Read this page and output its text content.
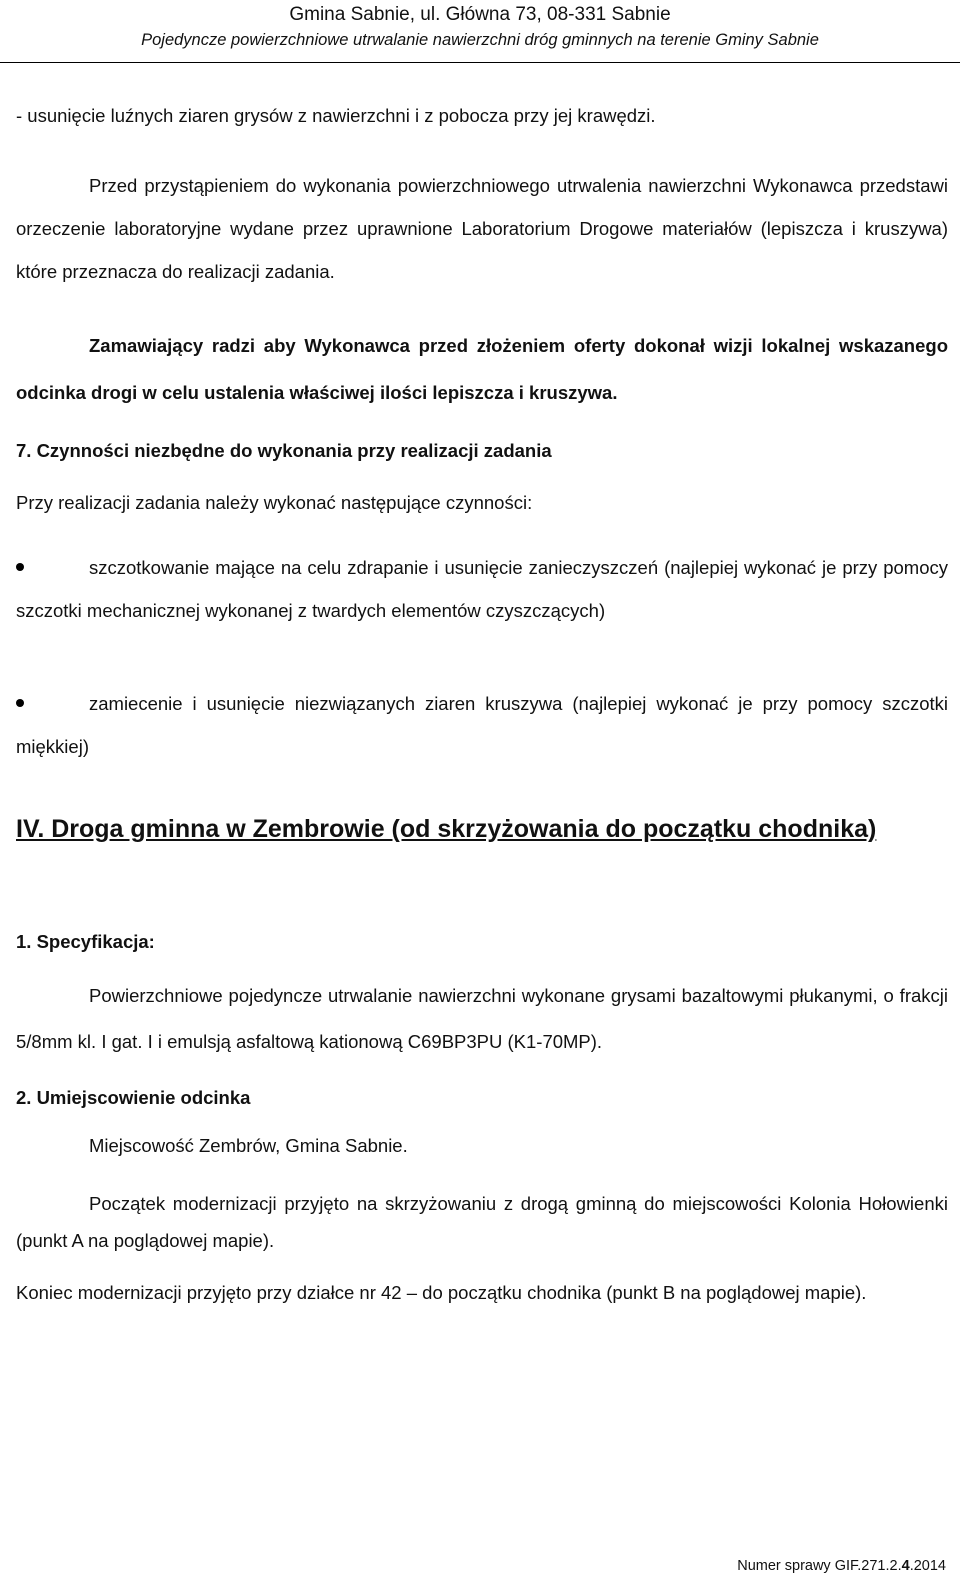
Gmina Sabnie, ul. Główna 73, 08-331 Sabnie
Pojedyncze powierzchniowe utrwalanie nawierzchni dróg gminnych na terenie Gminy Sabnie
- usunięcie luźnych ziaren grysów z nawierzchni i z pobocza przy jej krawędzi.
Przed przystąpieniem do wykonania powierzchniowego utrwalenia nawierzchni Wykonawca przedstawi orzeczenie laboratoryjne wydane przez uprawnione Laboratorium Drogowe materiałów (lepiszcza i kruszywa) które przeznacza do realizacji zadania.
Zamawiający radzi aby Wykonawca przed złożeniem oferty dokonał wizji lokalnej wskazanego odcinka drogi w celu ustalenia właściwej ilości lepiszcza i kruszywa.
7. Czynności niezbędne do wykonania przy realizacji zadania
Przy realizacji zadania należy wykonać następujące czynności:
szczotkowanie mające na celu zdrapanie i usunięcie zanieczyszczeń (najlepiej wykonać je przy pomocy szczotki mechanicznej wykonanej z twardych elementów czyszczących)
zamiecenie i usunięcie niezwiązanych ziaren kruszywa (najlepiej wykonać je przy pomocy szczotki miękkiej)
IV. Droga gminna w Zembrowie (od skrzyżowania do początku chodnika)
1. Specyfikacja:
Powierzchniowe pojedyncze utrwalanie nawierzchni wykonane grysami bazaltowymi płukanymi, o frakcji 5/8mm kl. I gat. I i emulsją asfaltową kationową C69BP3PU (K1-70MP).
2. Umiejscowienie odcinka
Miejscowość Zembrów, Gmina Sabnie.
Początek modernizacji przyjęto na skrzyżowaniu z drogą gminną do miejscowości Kolonia Hołowienki (punkt A na poglądowej mapie).
Koniec modernizacji przyjęto przy działce nr 42 – do początku chodnika (punkt B na poglądowej mapie).
Numer sprawy GIF.271.2.4.2014
